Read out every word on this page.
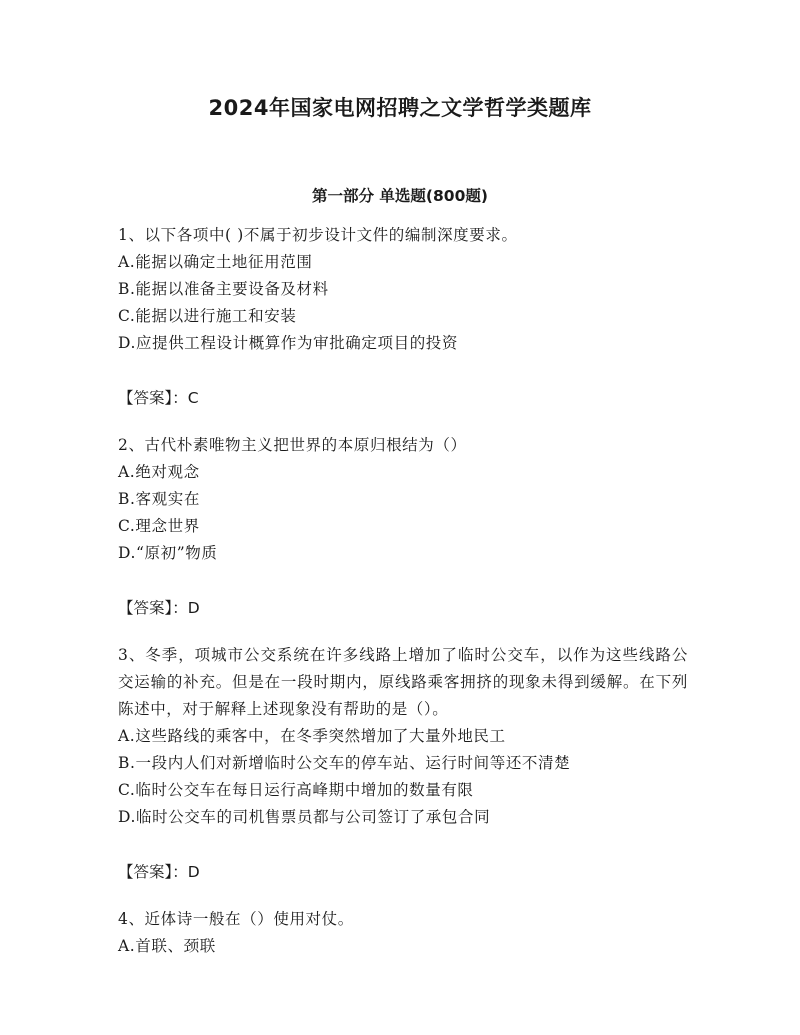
2024年国家电网招聘之文学哲学类题库
第一部分 单选题(800题)
1、以下各项中( )不属于初步设计文件的编制深度要求。
A.能据以确定土地征用范围
B.能据以准备主要设备及材料
C.能据以进行施工和安装
D.应提供工程设计概算作为审批确定项目的投资
【答案】：C
2、古代朴素唯物主义把世界的本原归根结为（）
A.绝对观念
B.客观实在
C.理念世界
D.“原初”物质
【答案】：D
3、冬季，项城市公交系统在许多线路上增加了临时公交车，以作为这些线路公交运输的补充。但是在一段时期内，原线路乘客拥挤的现象未得到缓解。在下列陈述中，对于解释上述现象没有帮助的是（）。
A.这些路线的乘客中，在冬季突然增加了大量外地民工
B.一段内人们对新增临时公交车的停车站、运行时间等还不清楚
C.临时公交车在每日运行高峰期中增加的数量有限
D.临时公交车的司机售票员都与公司签订了承包合同
【答案】：D
4、近体诗一般在（）使用对仗。
A.首联、颈联
